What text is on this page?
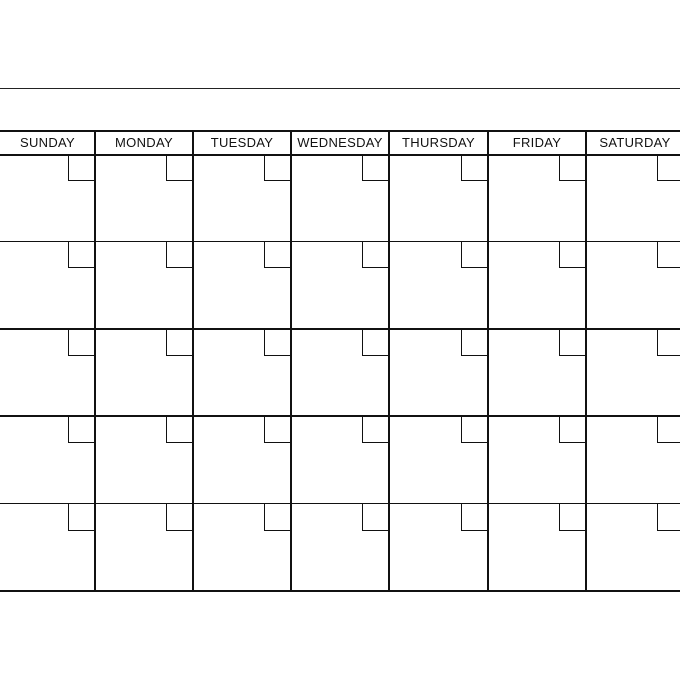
SUNDAY	MONDAY	TUESDAY	WEDNESDAY	THURSDAY	FRIDAY	SATURDAY
